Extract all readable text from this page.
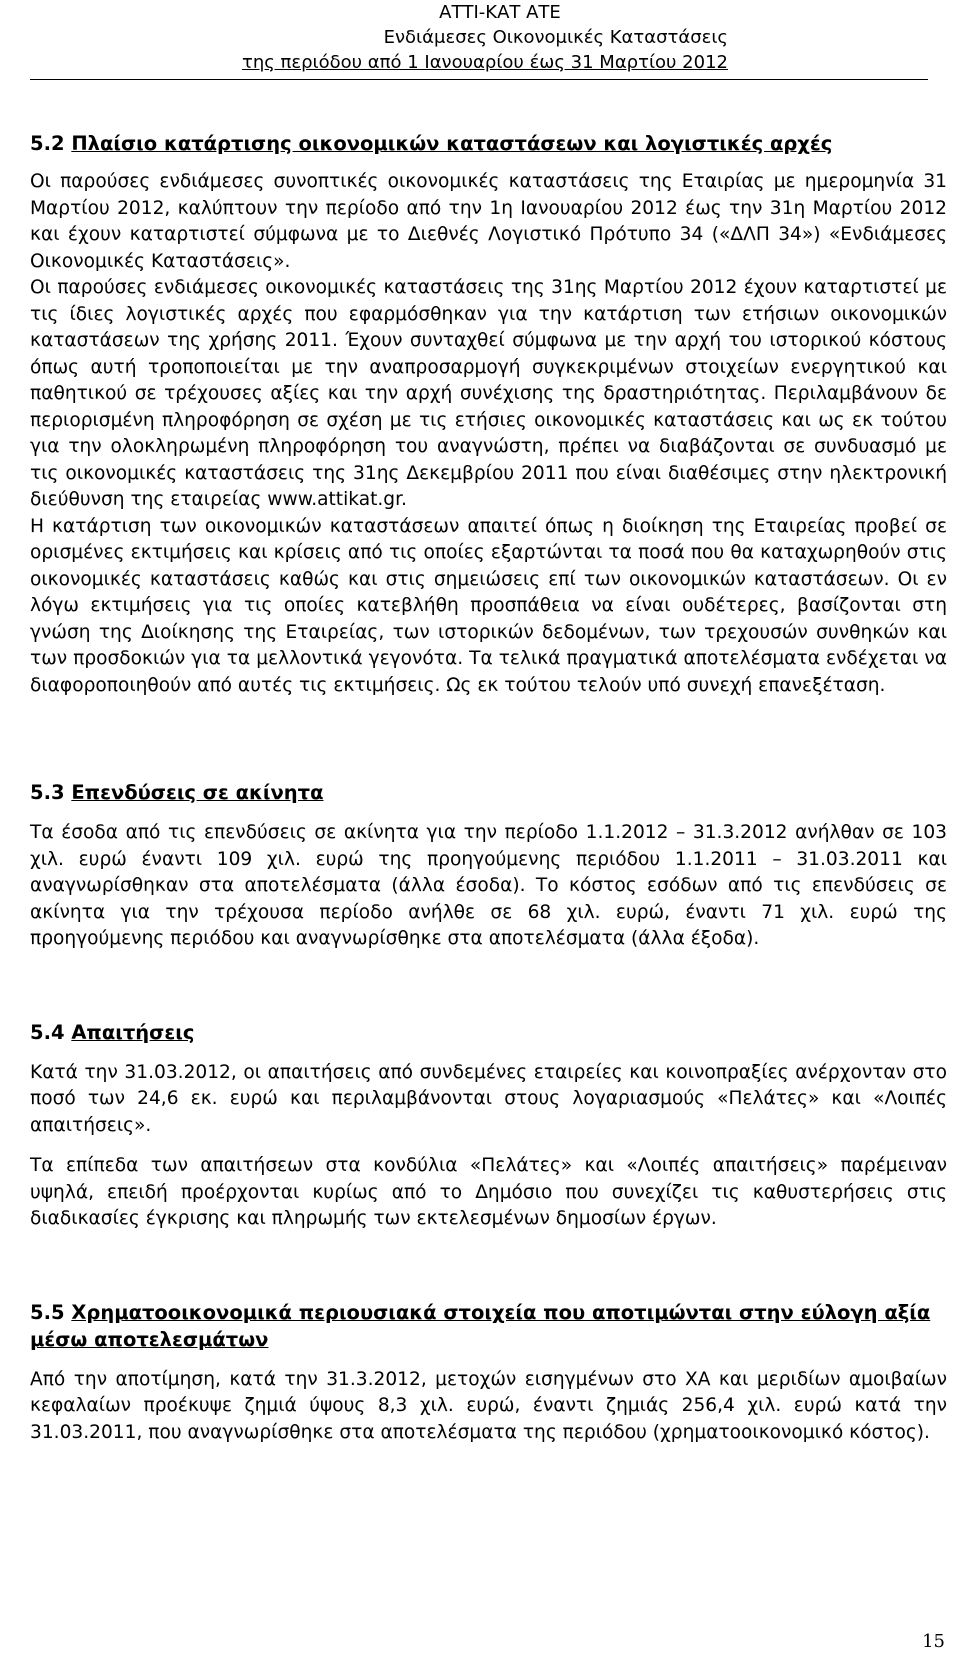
ΑΤΤΙ-ΚΑΤ ΑΤΕ
Ενδιάμεσες Οικονομικές Καταστάσεις
της περιόδου από 1 Ιανουαρίου έως 31 Μαρτίου 2012
5.2 Πλαίσιο κατάρτισης οικονομικών καταστάσεων και λογιστικές αρχές

Οι παρούσες ενδιάμεσες συνοπτικές οικονομικές καταστάσεις της Εταιρίας με ημερομηνία 31 Μαρτίου 2012, καλύπτουν την περίοδο από την 1η Ιανουαρίου 2012 έως την 31η Μαρτίου 2012 και έχουν καταρτιστεί σύμφωνα με το Διεθνές Λογιστικό Πρότυπο 34 («ΔΛΠ 34») «Ενδιάμεσες Οικονομικές Καταστάσεις».

Οι παρούσες ενδιάμεσες οικονομικές καταστάσεις της 31ης Μαρτίου 2012 έχουν καταρτιστεί με τις ίδιες λογιστικές αρχές που εφαρμόσθηκαν για την κατάρτιση των ετήσιων οικονομικών καταστάσεων της χρήσης 2011. Έχουν συνταχθεί σύμφωνα με την αρχή του ιστορικού κόστους όπως αυτή τροποποιείται με την αναπροσαρμογή συγκεκριμένων στοιχείων ενεργητικού και παθητικού σε τρέχουσες αξίες και την αρχή συνέχισης της δραστηριότητας. Περιλαμβάνουν δε περιορισμένη πληροφόρηση σε σχέση με τις ετήσιες οικονομικές καταστάσεις και ως εκ τούτου για την ολοκληρωμένη πληροφόρηση του αναγνώστη, πρέπει να διαβάζονται σε συνδυασμό με τις οικονομικές καταστάσεις της 31ης Δεκεμβρίου 2011 που είναι διαθέσιμες στην ηλεκτρονική διεύθυνση της εταιρείας www.attikat.gr.

Η κατάρτιση των οικονομικών καταστάσεων απαιτεί όπως η διοίκηση της Εταιρείας προβεί σε ορισμένες εκτιμήσεις και κρίσεις από τις οποίες εξαρτώνται τα ποσά που θα καταχωρηθούν στις οικονομικές καταστάσεις καθώς και στις σημειώσεις επί των οικονομικών καταστάσεων. Οι εν λόγω εκτιμήσεις για τις οποίες κατεβλήθη προσπάθεια να είναι ουδέτερες, βασίζονται στη γνώση της Διοίκησης της Εταιρείας, των ιστορικών δεδομένων, των τρεχουσών συνθηκών και των προσδοκιών για τα μελλοντικά γεγονότα. Τα τελικά πραγματικά αποτελέσματα ενδέχεται να διαφοροποιηθούν από αυτές τις εκτιμήσεις. Ως εκ τούτου τελούν υπό συνεχή επανεξέταση.

5.3 Επενδύσεις σε ακίνητα

Τα έσοδα από τις επενδύσεις σε ακίνητα για την περίοδο 1.1.2012 – 31.3.2012 ανήλθαν σε 103 χιλ. ευρώ έναντι 109 χιλ. ευρώ της προηγούμενης περιόδου 1.1.2011 – 31.03.2011 και αναγνωρίσθηκαν στα αποτελέσματα (άλλα έσοδα). Το κόστος εσόδων από τις επενδύσεις σε ακίνητα για την τρέχουσα περίοδο ανήλθε σε 68 χιλ. ευρώ, έναντι 71 χιλ. ευρώ της προηγούμενης περιόδου και αναγνωρίσθηκε στα αποτελέσματα (άλλα έξοδα).

5.4 Απαιτήσεις

Κατά την 31.03.2012, οι απαιτήσεις από συνδεμένες εταιρείες και κοινοπραξίες ανέρχονταν στο ποσό των 24,6 εκ. ευρώ και περιλαμβάνονται στους λογαριασμούς «Πελάτες» και «Λοιπές απαιτήσεις».

Τα επίπεδα των απαιτήσεων στα κονδύλια «Πελάτες» και «Λοιπές απαιτήσεις» παρέμειναν υψηλά, επειδή προέρχονται κυρίως από το Δημόσιο που συνεχίζει τις καθυστερήσεις στις διαδικασίες έγκρισης και πληρωμής των εκτελεσμένων δημοσίων έργων.

5.5 Χρηματοοικονομικά περιουσιακά στοιχεία που αποτιμώνται στην εύλογη αξία μέσω αποτελεσμάτων

Από την αποτίμηση, κατά την 31.3.2012, μετοχών εισηγμένων στο ΧΑ και μεριδίων αμοιβαίων κεφαλαίων προέκυψε ζημιά ύψους 8,3 χιλ. ευρώ, έναντι ζημιάς 256,4 χιλ. ευρώ κατά την 31.03.2011, που αναγνωρίσθηκε στα αποτελέσματα της περιόδου (χρηματοοικονομικό κόστος).

15
